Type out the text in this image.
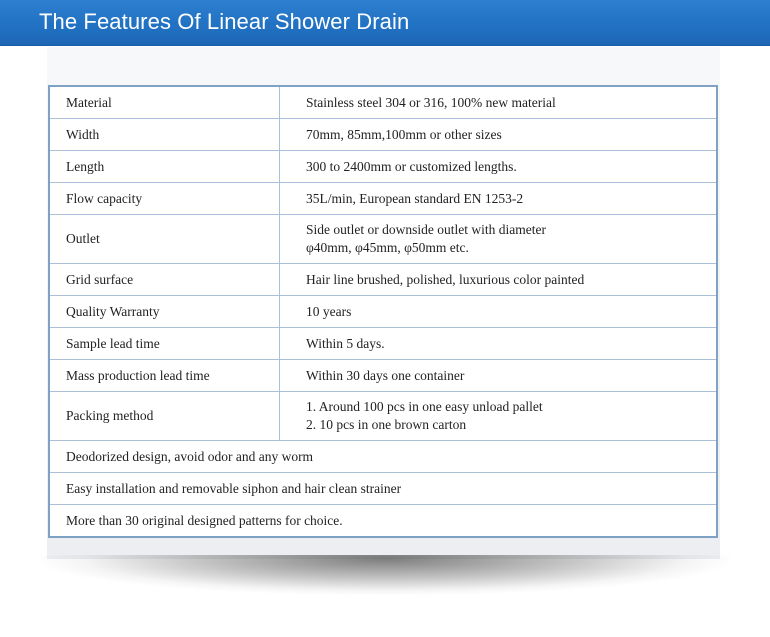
The Features Of Linear Shower Drain
Material	Stainless steel 304 or 316, 100% new material

Width	70mm, 85mm,100mm or other sizes

Length	300 to 2400mm or customized lengths.

Flow capacity	35L/min, European standard EN 1253-2

Outlet	Side outlet or downside outlet with diameter
φ40mm, φ45mm, φ50mm etc.

Grid surface	Hair line brushed, polished, luxurious color painted

Quality Warranty	10 years

Sample lead time	Within 5 days.

Mass production lead time	Within 30 days one container

Packing method	1. Around 100 pcs in one easy unload pallet
2. 10 pcs in one brown carton

Deodorized design, avoid odor and any worm	
Easy installation and removable siphon and hair clean strainer	
More than 30 original designed patterns for choice.	
